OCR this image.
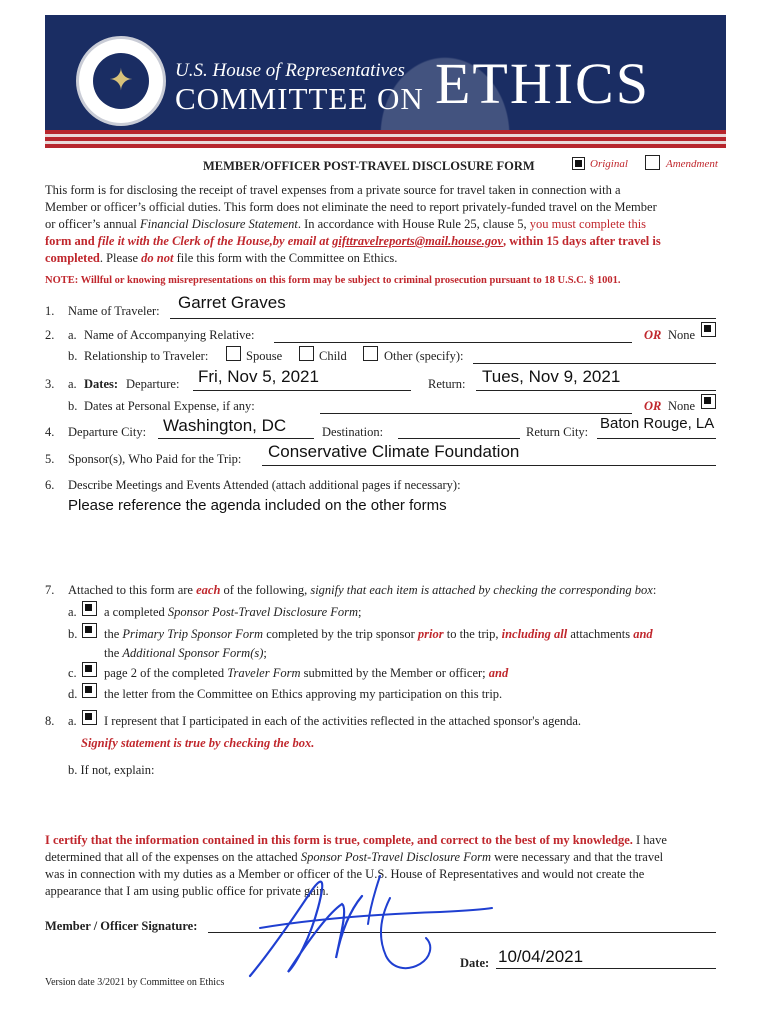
✦	U.S. House of Representatives
COMMITTEE ON ETHICS
MEMBER/OFFICER POST-TRAVEL DISCLOSURE FORM	Original	Amendment
This form is for disclosing the receipt of travel expenses from a private source for travel taken in connection with a
Member or officer’s official duties. This form does not eliminate the need to report privately-funded travel on the Member
or officer’s annual Financial Disclosure Statement. In accordance with House Rule 25, clause 5, you must complete this
form and file it with the Clerk of the House,by email at gifttravelreports@mail.house.gov, within 15 days after travel is
completed. Please do not file this form with the Committee on Ethics.
NOTE: Willful or knowing misrepresentations on this form may be subject to criminal prosecution pursuant to 18 U.S.C. § 1001.
1. Name of Traveler: Garret Graves
2. a. Name of Accompanying Relative:	OR None
b. Relationship to Traveler:	Spouse	Child	Other (specify):
3. a. Dates: Departure: Fri, Nov 5, 2021	Return: Tues, Nov 9, 2021
b. Dates at Personal Expense, if any:	OR None
4. Departure City: Washington, DC	Destination:	Return City: Baton Rouge, LA
5. Sponsor(s), Who Paid for the Trip: Conservative Climate Foundation
6. Describe Meetings and Events Attended (attach additional pages if necessary):
Please reference the agenda included on the other forms
7. Attached to this form are each of the following, signify that each item is attached by checking the corresponding box:
a. a completed Sponsor Post-Travel Disclosure Form;
b. the Primary Trip Sponsor Form completed by the trip sponsor prior to the trip, including all attachments and
the Additional Sponsor Form(s);
c. page 2 of the completed Traveler Form submitted by the Member or officer; and
d. the letter from the Committee on Ethics approving my participation on this trip.
8. a. I represent that I participated in each of the activities reflected in the attached sponsor's agenda.
Signify statement is true by checking the box.
b. If not, explain:
I certify that the information contained in this form is true, complete, and correct to the best of my knowledge. I have
determined that all of the expenses on the attached Sponsor Post-Travel Disclosure Form were necessary and that the travel
was in connection with my duties as a Member or officer of the U.S. House of Representatives and would not create the
appearance that I am using public office for private gain.
Member / Officer Signature:
Date: 10/04/2021
Version date 3/2021 by Committee on Ethics
